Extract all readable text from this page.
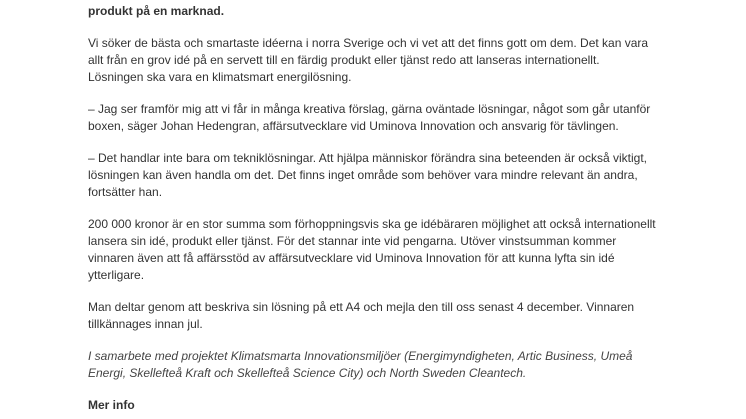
produkt på en marknad.

Vi söker de bästa och smartaste idéerna i norra Sverige och vi vet att det finns gott om dem. Det kan vara allt från en grov idé på en servett till en färdig produkt eller tjänst redo att lanseras internationellt. Lösningen ska vara en klimatsmart energilösning.

– Jag ser framför mig att vi får in många kreativa förslag, gärna oväntade lösningar, något som går utanför boxen, säger Johan Hedengran, affärsutvecklare vid Uminova Innovation och ansvarig för tävlingen.

– Det handlar inte bara om tekniklösningar. Att hjälpa människor förändra sina beteenden är också viktigt, lösningen kan även handla om det. Det finns inget område som behöver vara mindre relevant än andra, fortsätter han.

200 000 kronor är en stor summa som förhoppningsvis ska ge idébäraren möjlighet att också internationellt lansera sin idé, produkt eller tjänst. För det stannar inte vid pengarna. Utöver vinstsumman kommer vinnaren även att få affärsstöd av affärsutvecklare vid Uminova Innovation för att kunna lyfta sin idé ytterligare.

Man deltar genom att beskriva sin lösning på ett A4 och mejla den till oss senast 4 december. Vinnaren tillkännages innan jul.

I samarbete med projektet Klimatsmarta Innovationsmiljöer (Energimyndigheten, Artic Business, Umeå Energi, Skellefteå Kraft och Skellefteå Science City) och North Sweden Cleantech.

Mer info
